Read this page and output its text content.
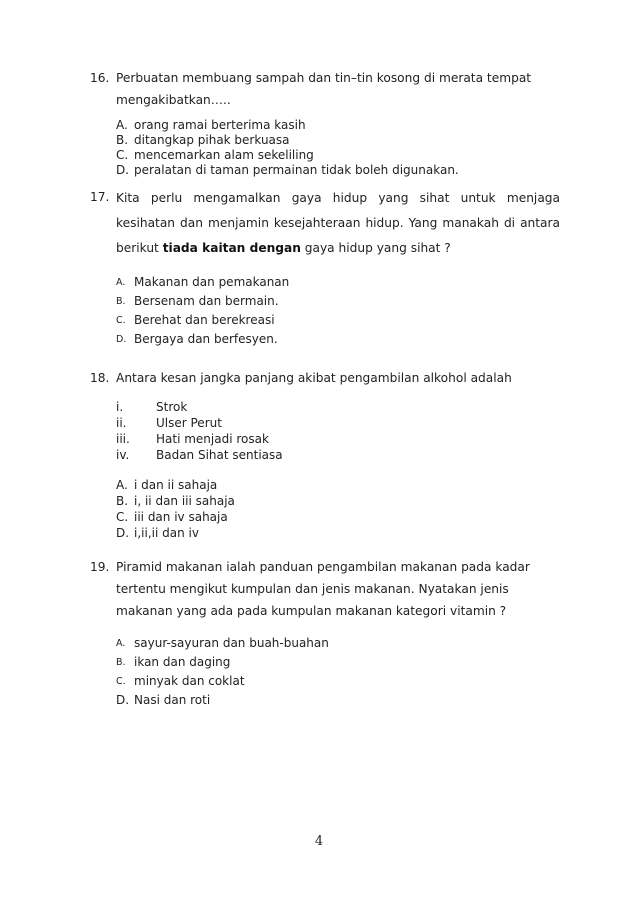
16. Perbuatan membuang sampah dan tin–tin kosong di merata tempat
mengakibatkan…..
A. orang ramai berterima kasih
B. ditangkap pihak berkuasa
C. mencemarkan alam sekeliling
D. peralatan di taman permainan tidak boleh digunakan.
17. Kita perlu mengamalkan gaya hidup yang sihat untuk menjaga kesihatan dan menjamin kesejahteraan hidup. Yang manakah di antara berikut tiada kaitan dengan gaya hidup yang sihat ?
A. Makanan dan pemakanan
B. Bersenam dan bermain.
C. Berehat dan berekreasi
D. Bergaya dan berfesyen.
18. Antara kesan jangka panjang akibat pengambilan alkohol adalah
i.	Strok
ii. Ulser Perut
iii. Hati menjadi rosak
iv. Badan Sihat sentiasa
A. i dan ii sahaja
B. i, ii dan iii sahaja
C. iii dan iv sahaja
D. i,ii,ii dan iv
19. Piramid makanan ialah panduan pengambilan makanan pada kadar
tertentu mengikut kumpulan dan jenis makanan. Nyatakan jenis
makanan yang ada pada kumpulan makanan kategori vitamin ?
A. sayur-sayuran dan buah-buahan
B. ikan dan daging
C. minyak dan coklat
D. Nasi dan roti
4
